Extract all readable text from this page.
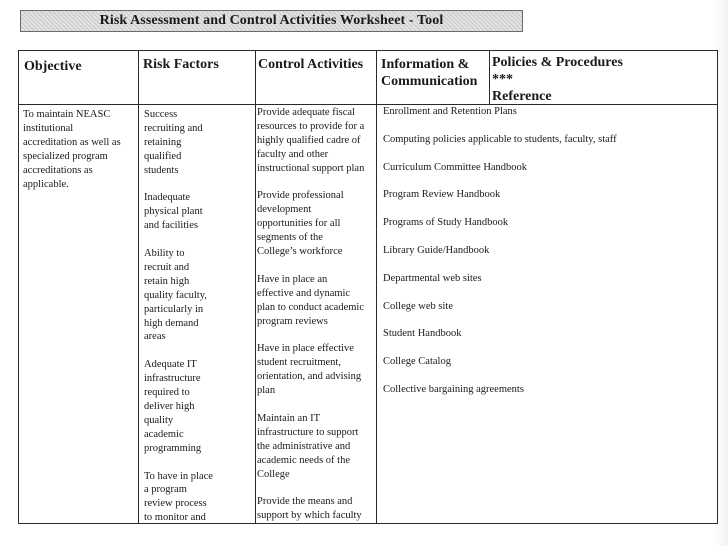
Risk Assessment and Control Activities Worksheet - Tool
Objective	Risk Factors	Control Activities Information &
Communication
Policies & Procedures
***
Reference

To maintain NEASC
institutional
accreditation as well as
specialized program
accreditations as
applicable.

Success
recruiting and
retaining
qualified
students

Inadequate
physical plant
and facilities

Ability to
recruit and
retain high
quality faculty,
particularly in
high demand
areas

Adequate IT
infrastructure
required to
deliver high
quality
academic
programming

To have in place
a program
review process
to monitor and

Provide adequate fiscal
resources to provide for a
highly qualified cadre of
faculty and other
instructional support plan

Provide professional
development
opportunities for all
segments of the
College’s workforce

Have in place an
effective and dynamic
plan to conduct academic
program reviews

Have in place effective
student recruitment,
orientation, and advising
plan

Maintain an IT
infrastructure to support
the administrative and
academic needs of the
College

Provide the means and
support by which faculty

Enrollment and Retention Plans

Computing policies applicable to students, faculty, staff

Curriculum Committee Handbook

Program Review Handbook

Programs of Study Handbook

Library Guide/Handbook

Departmental web sites

College web site

Student Handbook

College Catalog

Collective bargaining agreements
